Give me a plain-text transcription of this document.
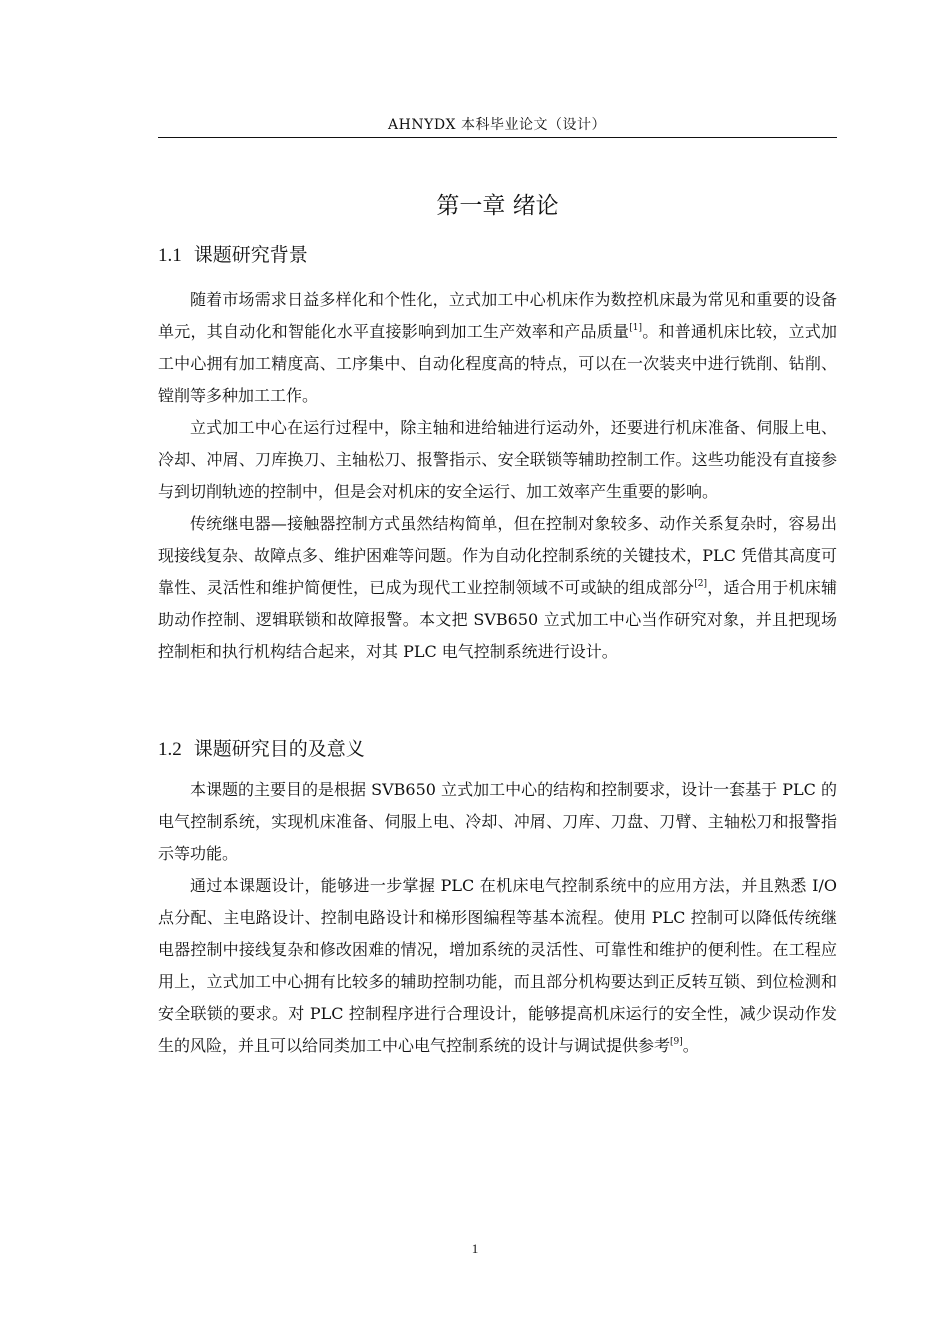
AHNYDX 本科毕业论文（设计）
第一章 绪论
1.1 课题研究背景

随着市场需求日益多样化和个性化，立式加工中心机床作为数控机床最为常见和重要的设备单元，其自动化和智能化水平直接影响到加工生产效率和产品质量[1]。和普通机床比较，立式加工中心拥有加工精度高、工序集中、自动化程度高的特点，可以在一次装夹中进行铣削、钻削、镗削等多种加工工作。

立式加工中心在运行过程中，除主轴和进给轴进行运动外，还要进行机床准备、伺服上电、冷却、冲屑、刀库换刀、主轴松刀、报警指示、安全联锁等辅助控制工作。这些功能没有直接参与到切削轨迹的控制中，但是会对机床的安全运行、加工效率产生重要的影响。

传统继电器—接触器控制方式虽然结构简单，但在控制对象较多、动作关系复杂时，容易出现接线复杂、故障点多、维护困难等问题。作为自动化控制系统的关键技术，PLC 凭借其高度可靠性、灵活性和维护简便性，已成为现代工业控制领域不可或缺的组成部分[2]，适合用于机床辅助动作控制、逻辑联锁和故障报警。本文把 SVB650 立式加工中心当作研究对象，并且把现场控制柜和执行机构结合起来，对其 PLC 电气控制系统进行设计。

1.2 课题研究目的及意义

本课题的主要目的是根据 SVB650 立式加工中心的结构和控制要求，设计一套基于 PLC 的电气控制系统，实现机床准备、伺服上电、冷却、冲屑、刀库、刀盘、刀臂、主轴松刀和报警指示等功能。

通过本课题设计，能够进一步掌握 PLC 在机床电气控制系统中的应用方法，并且熟悉 I/O 点分配、主电路设计、控制电路设计和梯形图编程等基本流程。使用 PLC 控制可以降低传统继电器控制中接线复杂和修改困难的情况，增加系统的灵活性、可靠性和维护的便利性。在工程应用上，立式加工中心拥有比较多的辅助控制功能，而且部分机构要达到正反转互锁、到位检测和安全联锁的要求。对 PLC 控制程序进行合理设计，能够提高机床运行的安全性，减少误动作发生的风险，并且可以给同类加工中心电气控制系统的设计与调试提供参考[9]。

1
